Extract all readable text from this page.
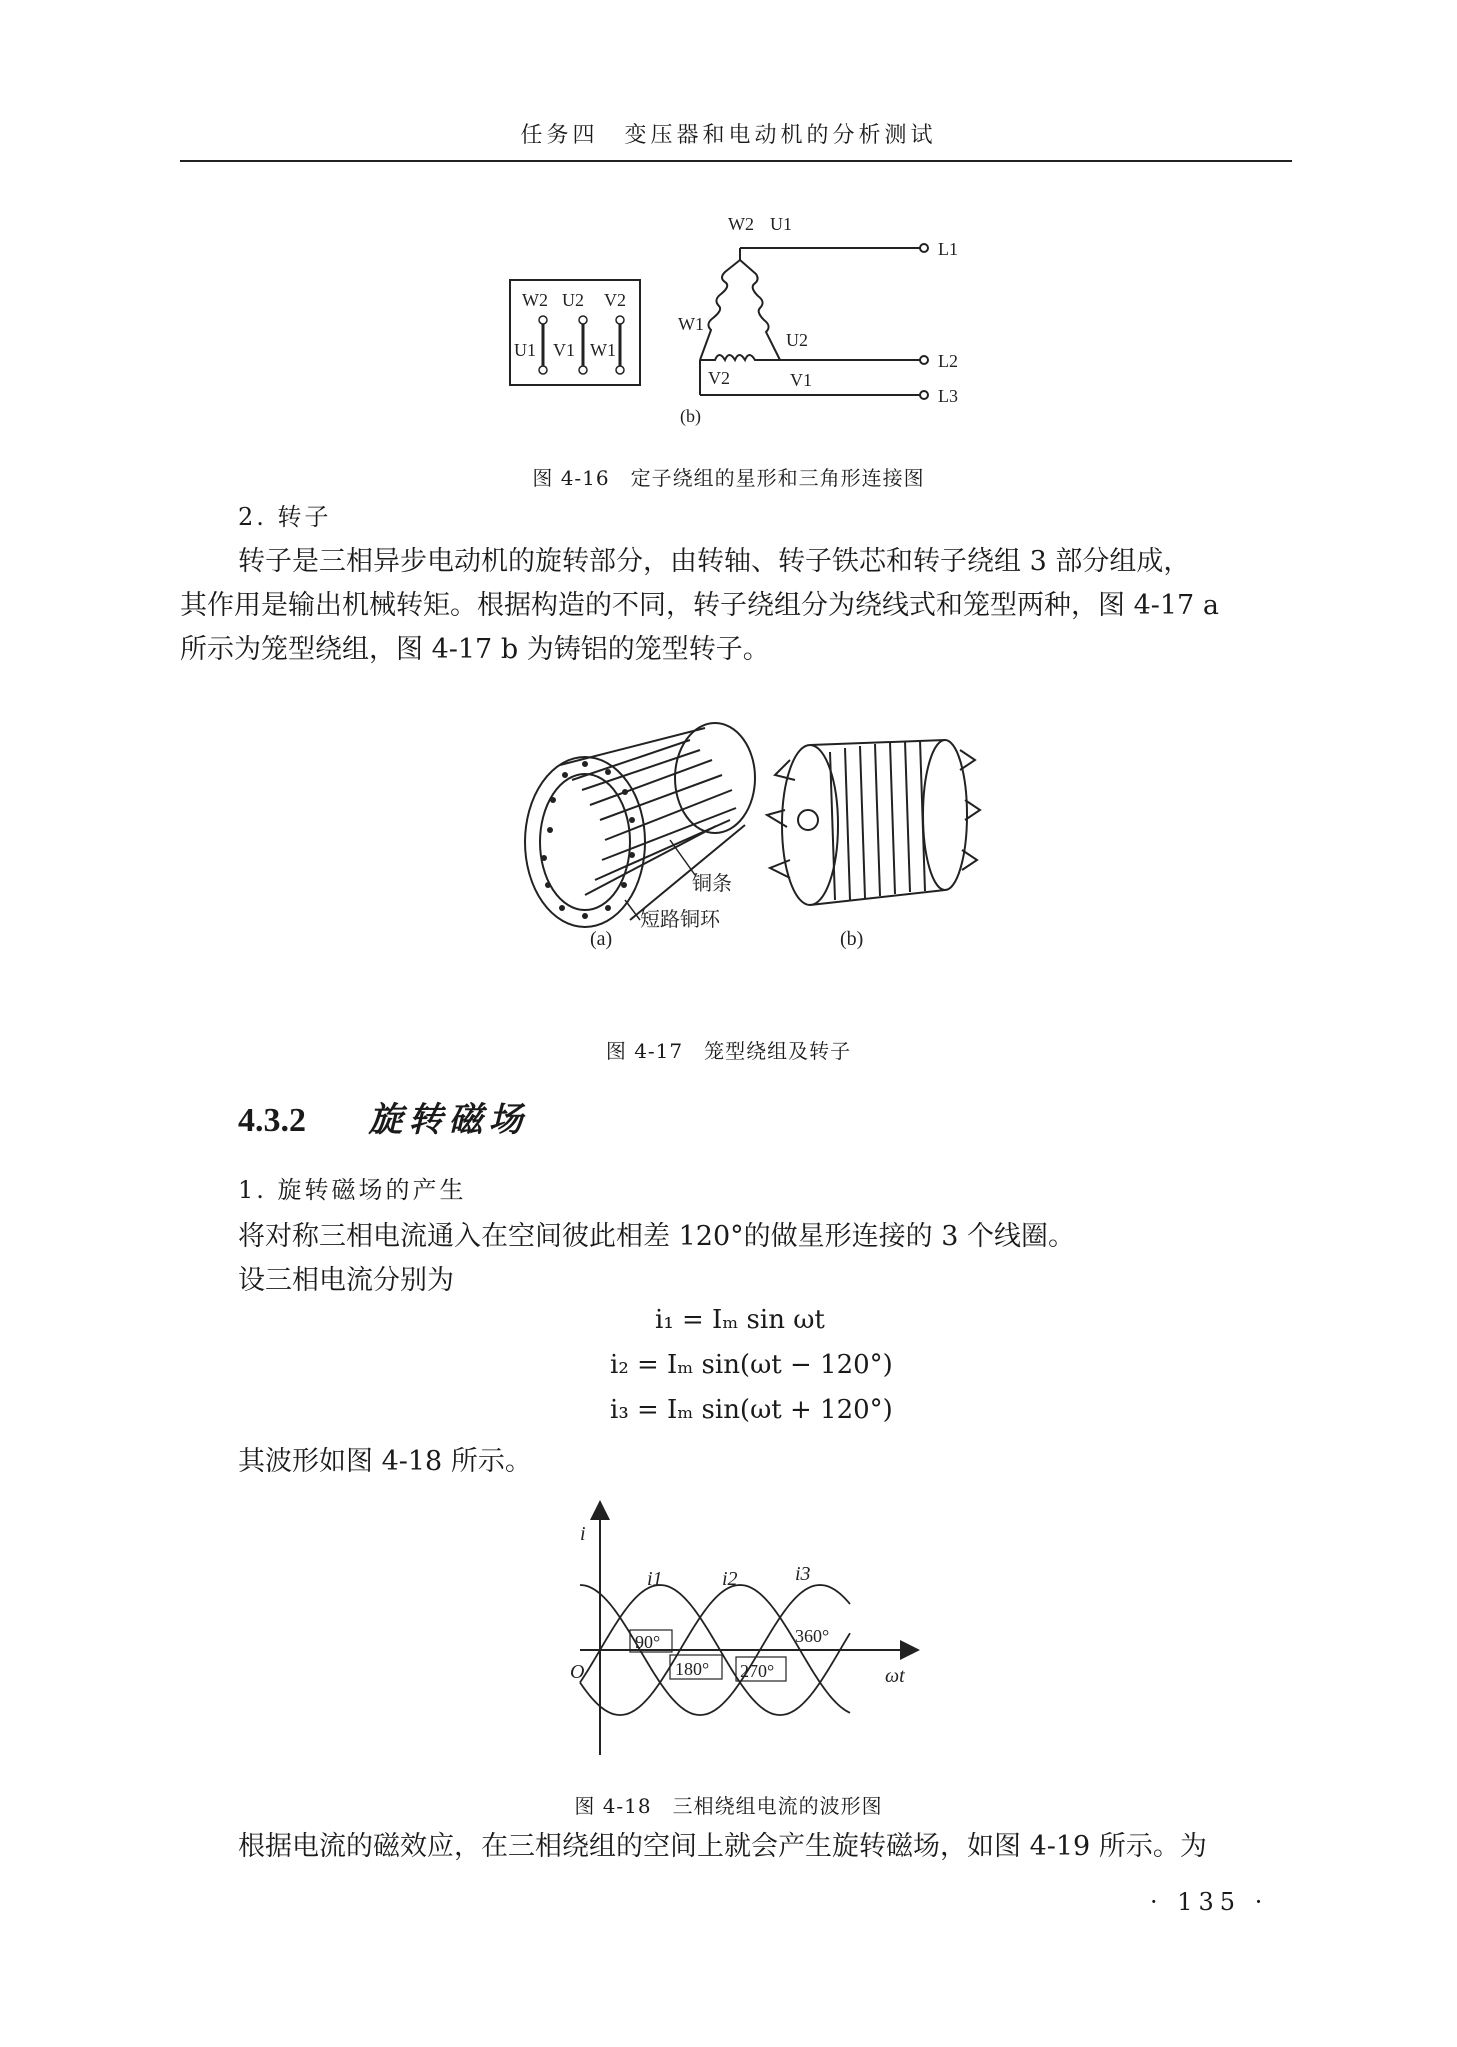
任务四　变压器和电动机的分析测试
W2 U2 V2
U1 V1 W1
W2 U1
W1
U2
V2	V1
L1
L2
L3
(b)
图 4-16　定子绕组的星形和三角形连接图
2. 转子
转子是三相异步电动机的旋转部分，由转轴、转子铁芯和转子绕组 3 部分组成，
其作用是输出机械转矩。根据构造的不同，转子绕组分为绕线式和笼型两种，图 4-17 a
所示为笼型绕组，图 4-17 b 为铸铝的笼型转子。
铜条
短路铜环
(a)	(b)
图 4-17　笼型绕组及转子
4.3.2 旋转磁场
1. 旋转磁场的产生
将对称三相电流通入在空间彼此相差 120°的做星形连接的 3 个线圈。
设三相电流分别为
i₁ = Iₘ sin ωt
i₂ = Iₘ sin(ωt − 120°)
i₃ = Iₘ sin(ωt + 120°)
其波形如图 4-18 所示。
i
ωt
O
i1	i2	i3
90°
180° 270°
360°
图 4-18　三相绕组电流的波形图
根据电流的磁效应，在三相绕组的空间上就会产生旋转磁场，如图 4-19 所示。为
· 135 ·
